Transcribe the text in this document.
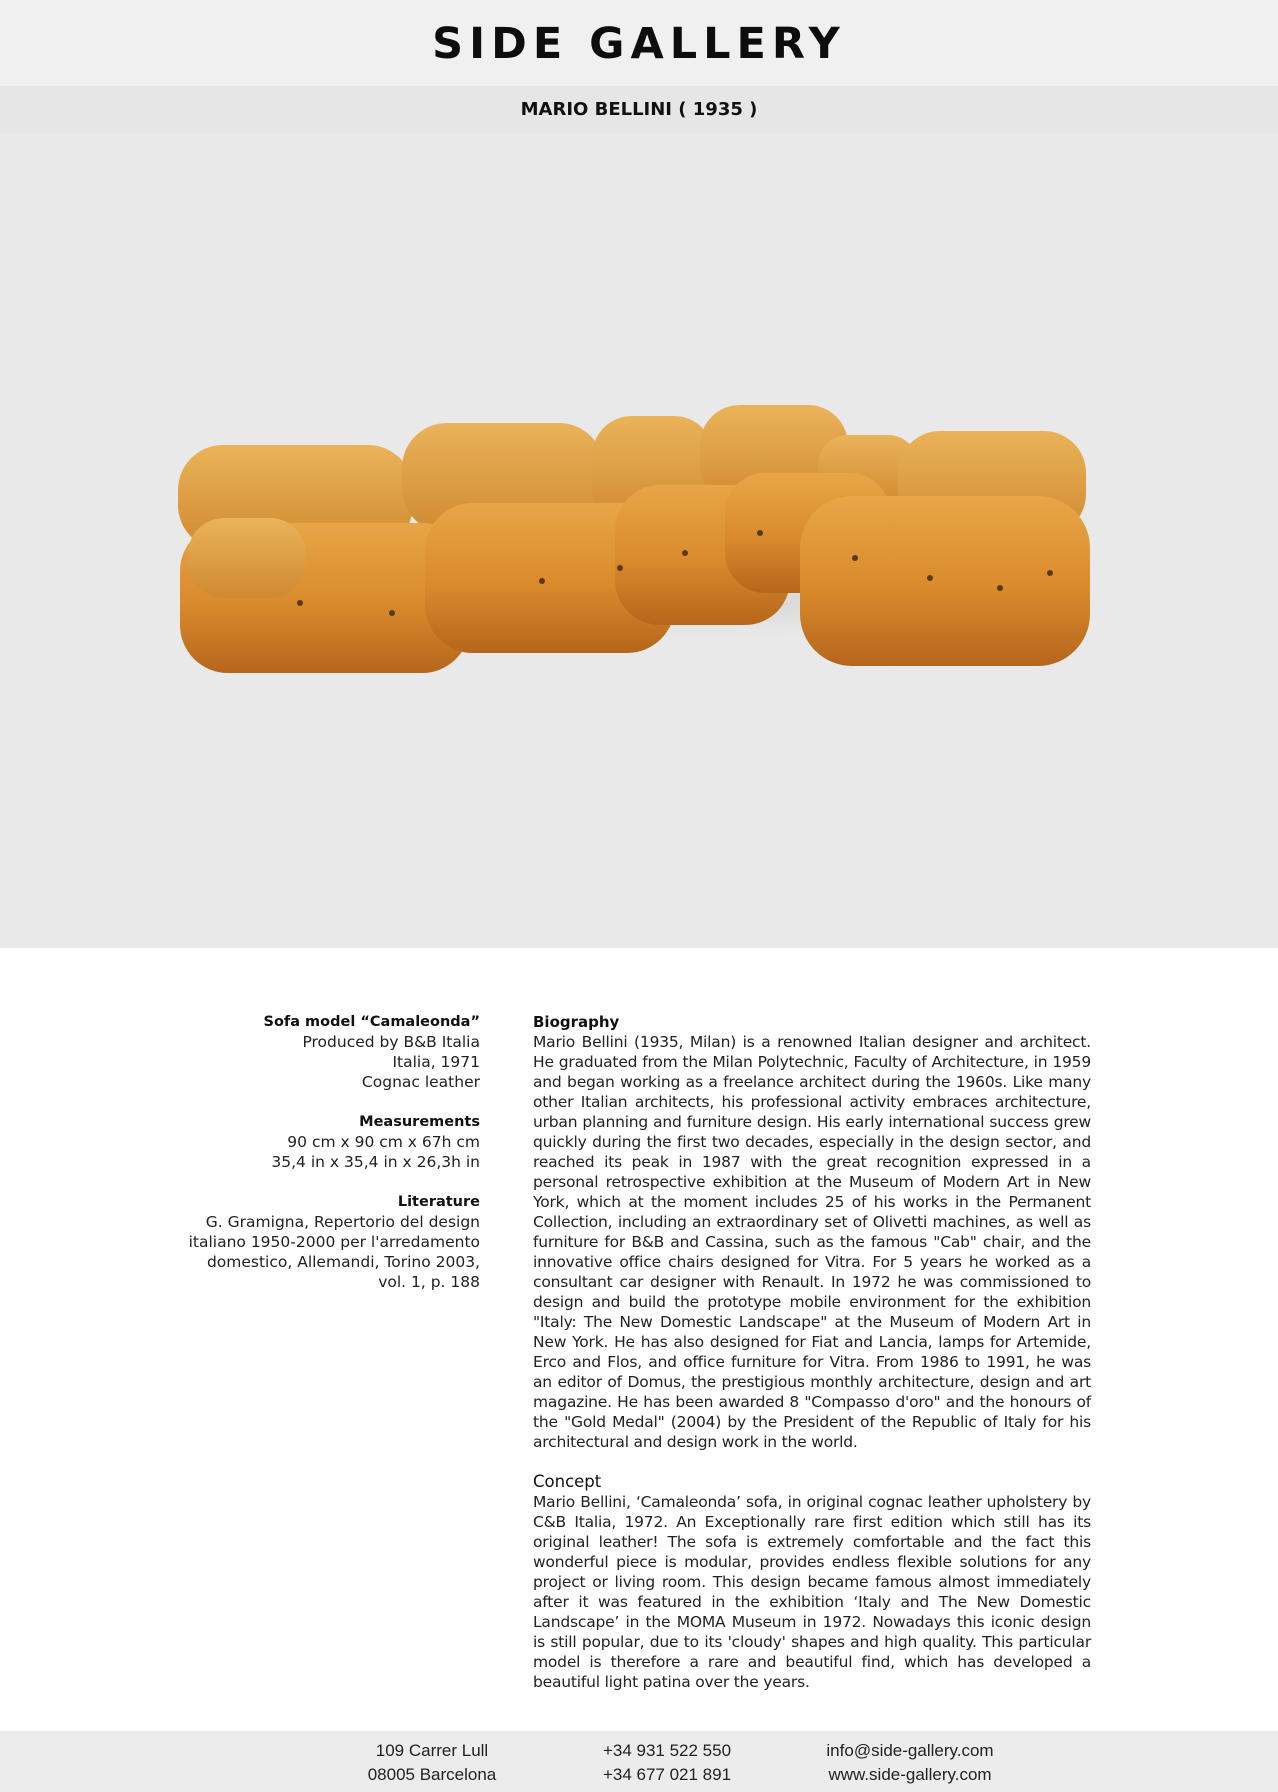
SIDE GALLERY
MARIO BELLINI ( 1935 )
Sofa model “Camaleonda”
Produced by B&B Italia
Italia, 1971
Cognac leather
Measurements
90 cm x 90 cm x 67h cm
35,4 in x 35,4 in x 26,3h in
Literature
G. Gramigna, Repertorio del design
italiano 1950-2000 per l'arredamento
domestico, Allemandi, Torino 2003,
vol. 1, p. 188
Biography
Mario Bellini (1935, Milan) is a renowned Italian designer and architect. He graduated from the Milan Polytechnic, Faculty of Architecture, in 1959 and began working as a freelance architect during the 1960s. Like many other Italian architects, his professional activity embraces architecture, urban planning and furniture design. His early international success grew quickly during the first two decades, especially in the design sector, and reached its peak in 1987 with the great recognition expressed in a personal retrospective exhibition at the Museum of Modern Art in New York, which at the moment includes 25 of his works in the Permanent Collection, including an extraordinary set of Olivetti machines, as well as furniture for B&B and Cassina, such as the famous "Cab" chair, and the innovative office chairs designed for Vitra. For 5 years he worked as a consultant car designer with Renault. In 1972 he was commissioned to design and build the prototype mobile environment for the exhibition "Italy: The New Domestic Landscape" at the Museum of Modern Art in New York. He has also designed for Fiat and Lancia, lamps for Artemide, Erco and Flos, and office furniture for Vitra. From 1986 to 1991, he was an editor of Domus, the prestigious monthly architecture, design and art magazine. He has been awarded 8 "Compasso d'oro" and the honours of the "Gold Medal" (2004) by the President of the Republic of Italy for his architectural and design work in the world.
Concept
Mario Bellini, ‘Camaleonda’ sofa, in original cognac leather upholstery by C&B Italia, 1972. An Exceptionally rare first edition which still has its original leather! The sofa is extremely comfortable and the fact this wonderful piece is modular, provides endless flexible solutions for any project or living room. This design became famous almost immediately after it was featured in the exhibition ‘Italy and The New Domestic Landscape’ in the MOMA Museum in 1972. Nowadays this iconic design is still popular, due to its 'cloudy' shapes and high quality. This particular model is therefore a rare and beautiful find, which has developed a beautiful light patina over the years.
109 Carrer Lull
08005 Barcelona
+34 931 522 550
+34 677 021 891
info@side-gallery.com
www.side-gallery.com
